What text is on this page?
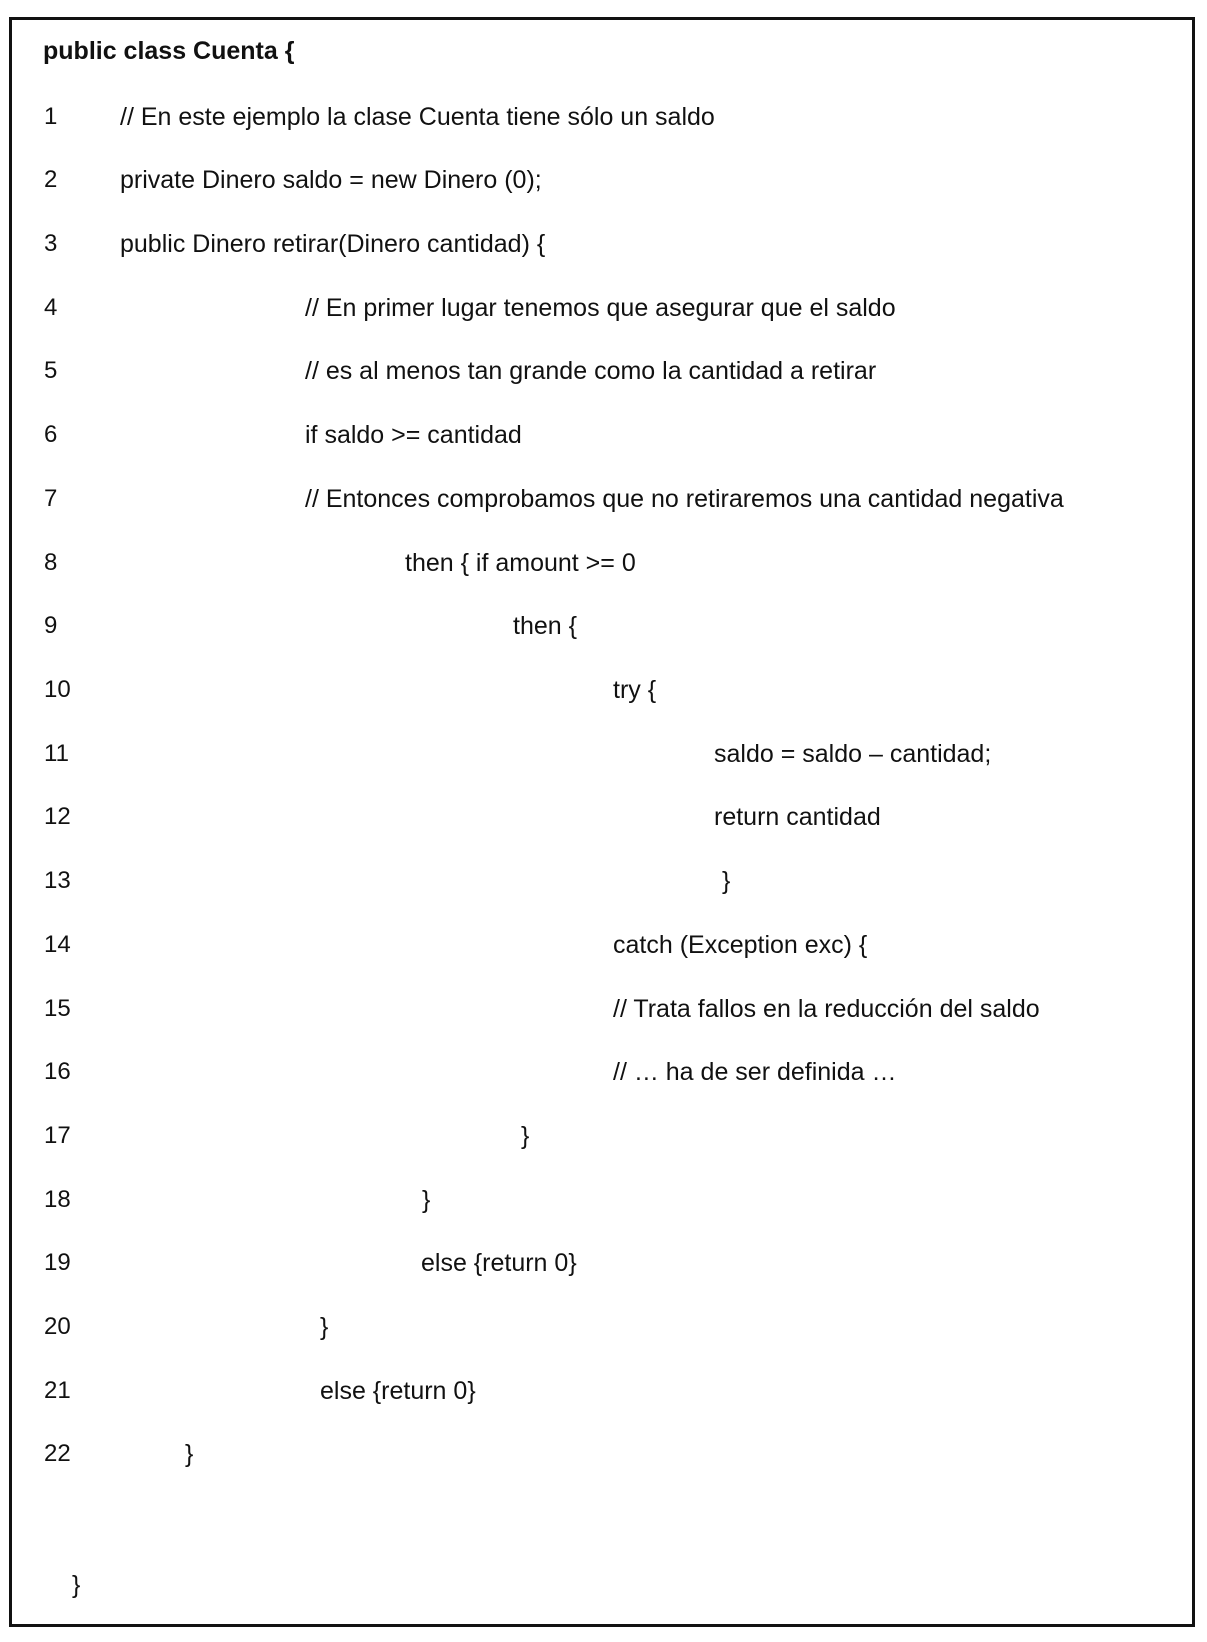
public class Cuenta {
1	// En este ejemplo la clase Cuenta tiene sólo un saldo
2	private Dinero saldo = new Dinero (0);
3	public Dinero retirar(Dinero cantidad) {
4	// En primer lugar tenemos que asegurar que el saldo
5	// es al menos tan grande como la cantidad a retirar
6	if saldo >= cantidad
7	// Entonces comprobamos que no retiraremos una cantidad negativa
8	then { if amount >= 0
9	then {
10	try {
11	saldo = saldo – cantidad;
12	return cantidad
13	}
14	catch (Exception exc) {
15	// Trata fallos en la reducción del saldo
16	// … ha de ser definida …
17	}
18	}
19	else {return 0}
20	}
21	else {return 0}
22	}
}
